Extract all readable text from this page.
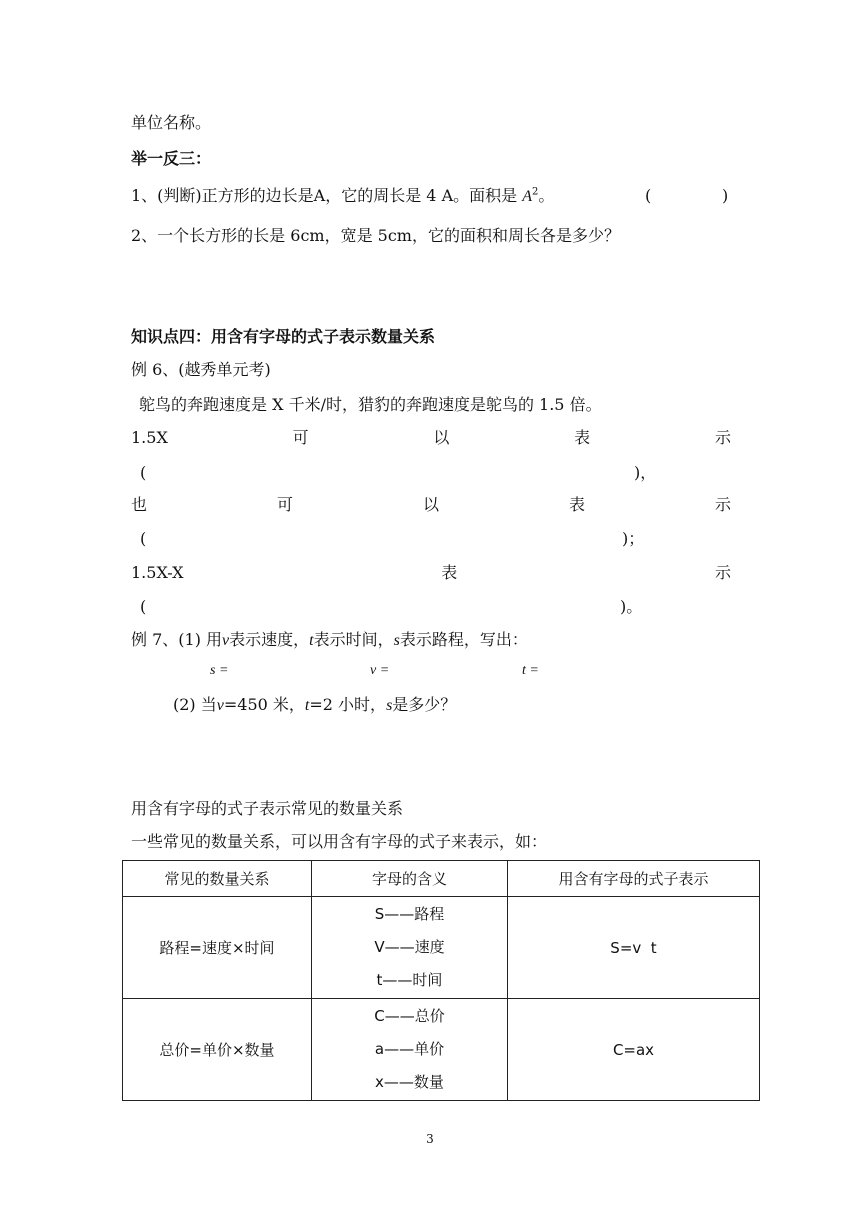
单位名称。
举一反三：
1、(判断)正方形的边长是A，它的周长是 4 A。面积是 $A^2$。	(	)
2、一个长方形的长是 6cm，宽是 5cm，它的面积和周长各是多少？
知识点四：用含有字母的式子表示数量关系
例 6、(越秀单元考)
鸵鸟的奔跑速度是 X 千米/时，猎豹的奔跑速度是鸵鸟的 1.5 倍。
1.5X	可	以	表	示
(	)，
也	可	以	表	示
(	)；
1.5X-X	表	示
(	)。
例 7、(1) 用v表示速度，t表示时间，s表示路程，写出：
s =	v =	t =
(2) 当v=450 米，t=2 小时，s是多少？
用含有字母的式子表示常见的数量关系
一些常见的数量关系，可以用含有字母的式子来表示，如：
常见的数量关系	字母的含义	用含有字母的式子表示
路程=速度×时间	S——路程
V——速度
t——时间	S=v  t
总价=单价×数量	C——总价
a——单价
x——数量	C=ax
3
